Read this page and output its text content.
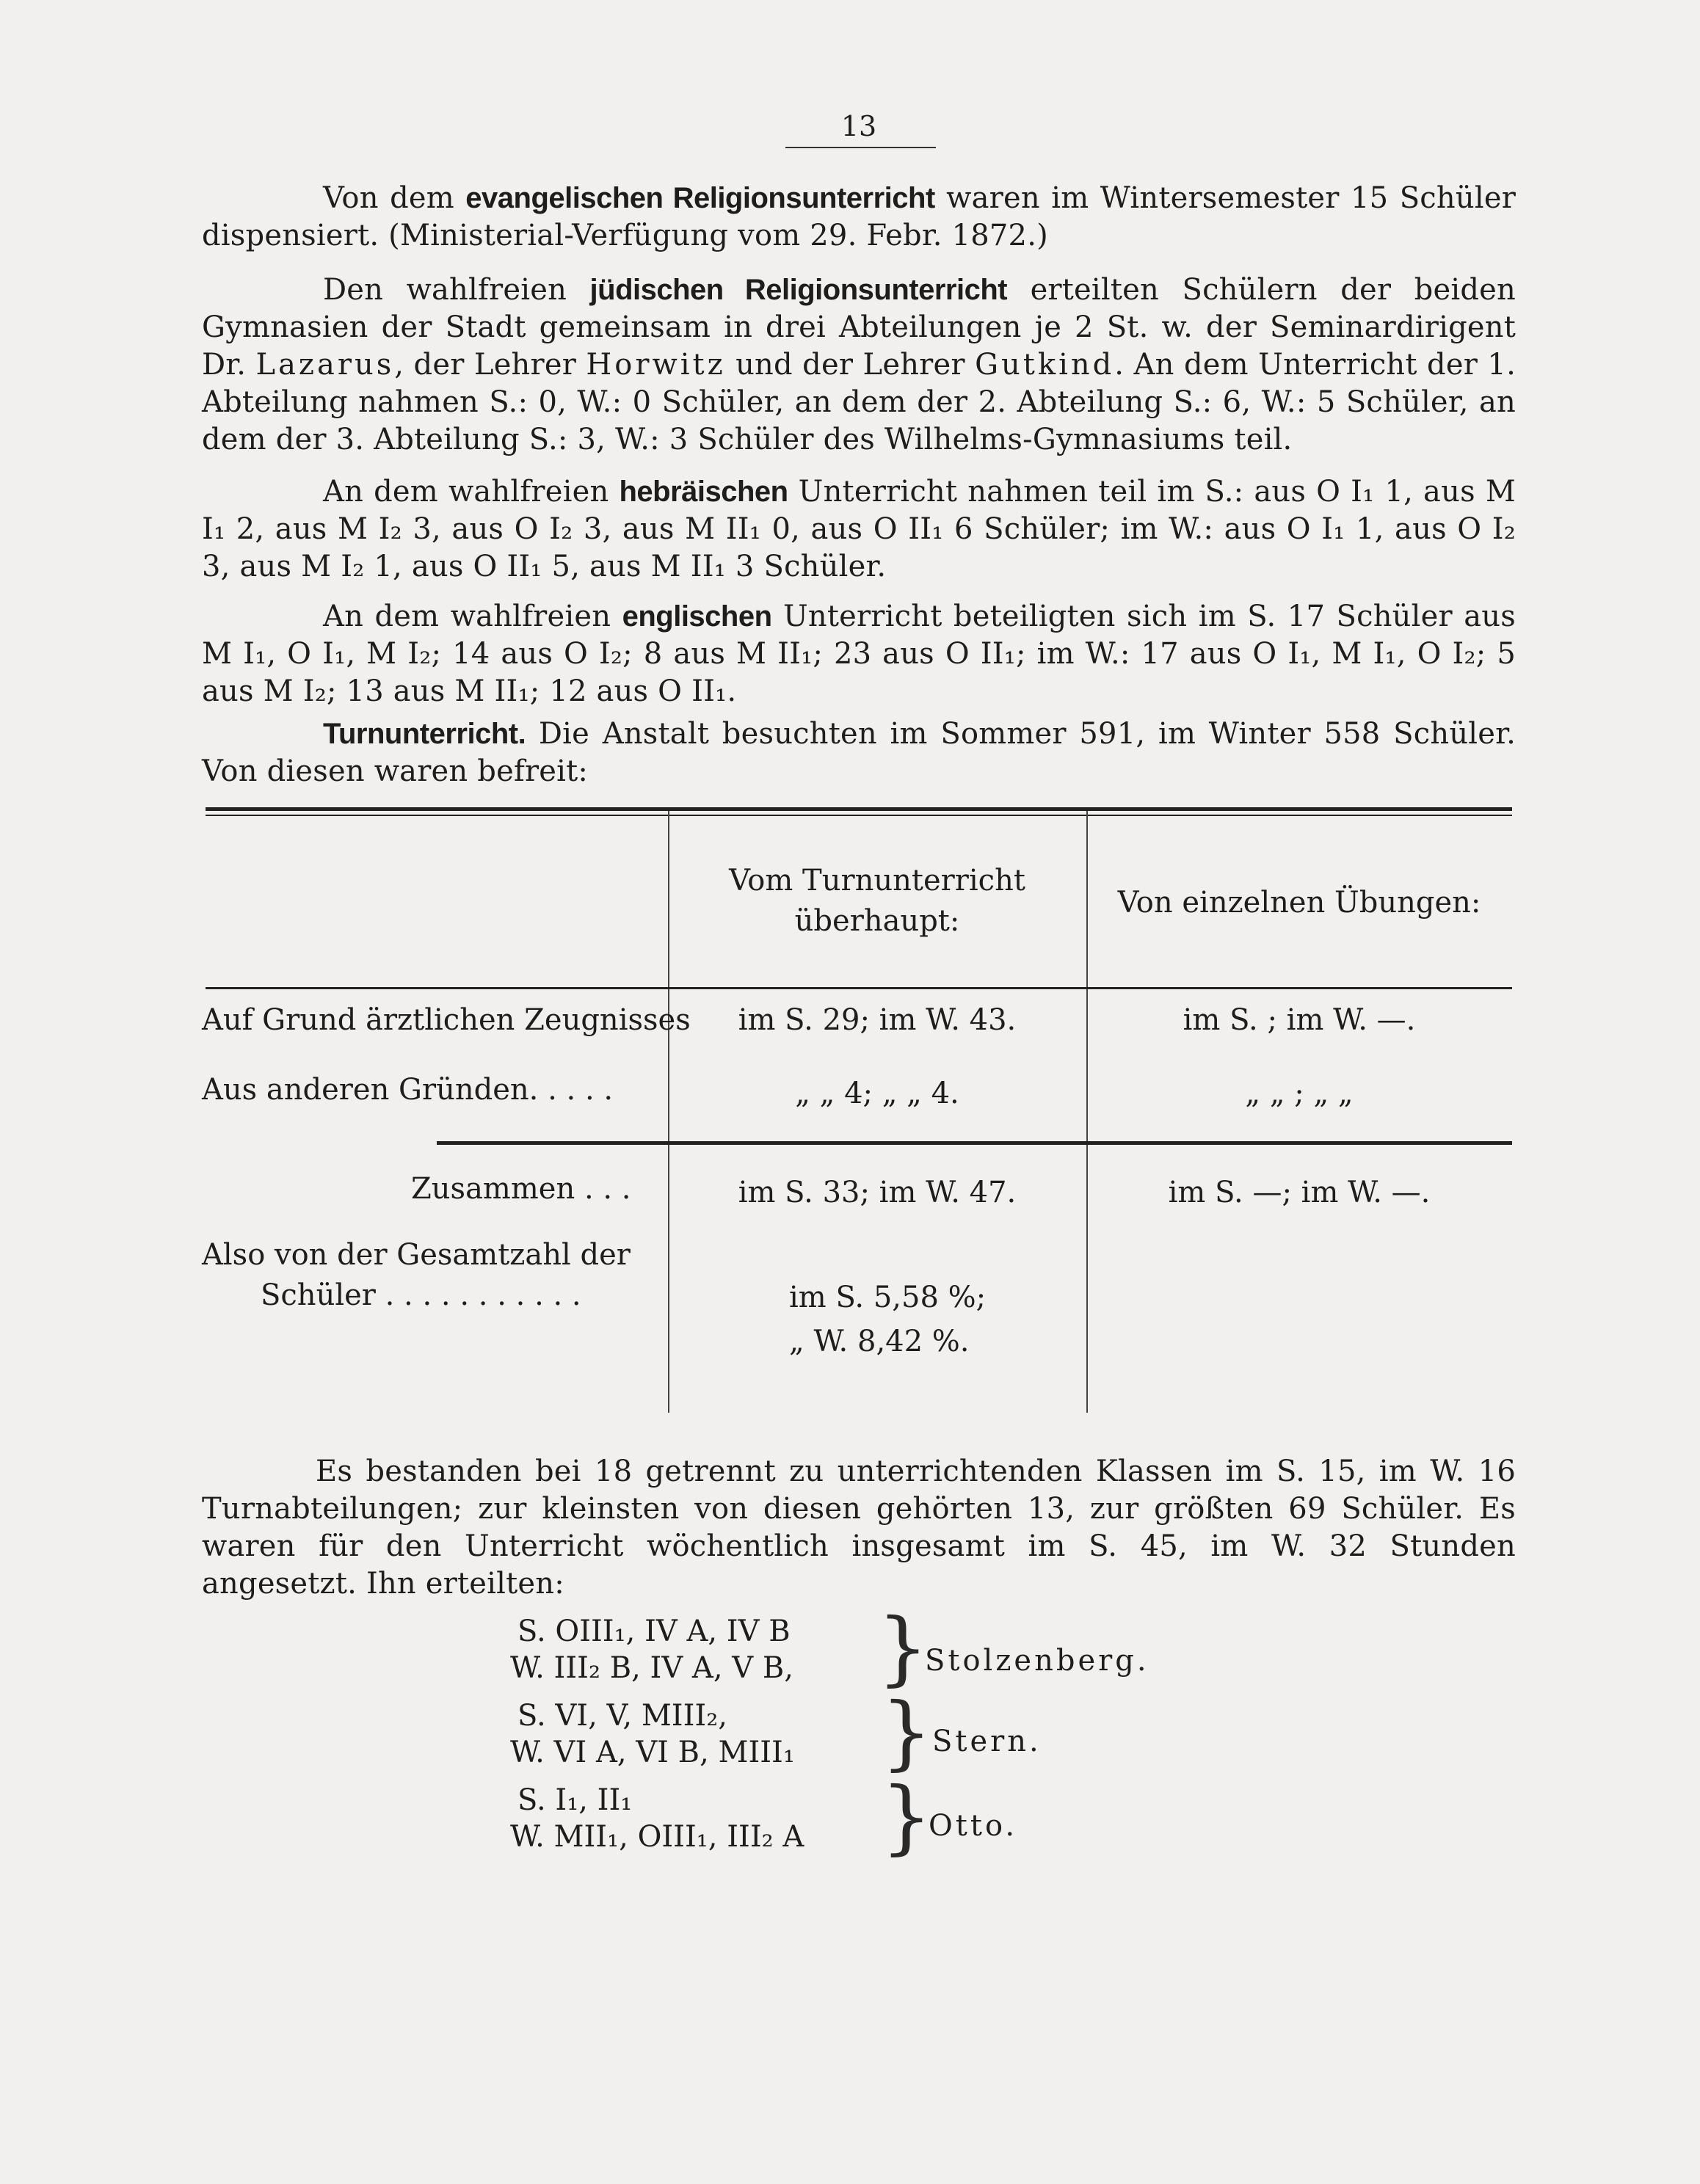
13
Von dem evangelischen Religionsunterricht waren im Wintersemester 15 Schüler dispensiert. (Ministerial-Verfügung vom 29. Febr. 1872.)
Den wahlfreien jüdischen Religionsunterricht erteilten Schülern der beiden Gymnasien der Stadt gemeinsam in drei Abteilungen je 2 St. w. der Seminardirigent Dr. Lazarus, der Lehrer Horwitz und der Lehrer Gutkind. An dem Unterricht der 1. Abteilung nahmen S.: 0, W.: 0 Schüler, an dem der 2. Abteilung S.: 6, W.: 5 Schüler, an dem der 3. Abteilung S.: 3, W.: 3 Schüler des Wilhelms-Gymnasiums teil.
An dem wahlfreien hebräischen Unterricht nahmen teil im S.: aus O I₁ 1, aus M I₁ 2, aus M I₂ 3, aus O I₂ 3, aus M II₁ 0, aus O II₁ 6 Schüler; im W.: aus O I₁ 1, aus O I₂ 3, aus M I₂ 1, aus O II₁ 5, aus M II₁ 3 Schüler.
An dem wahlfreien englischen Unterricht beteiligten sich im S. 17 Schüler aus M I₁, O I₁, M I₂; 14 aus O I₂; 8 aus M II₁; 23 aus O II₁; im W.: 17 aus O I₁, M I₁, O I₂; 5 aus M I₂; 13 aus M II₁; 12 aus O II₁.
Turnunterricht. Die Anstalt besuchten im Sommer 591, im Winter 558 Schüler. Von diesen waren befreit:
Vom Turnunterricht
überhaupt:
Von einzelnen Übungen:
Auf Grund ärztlichen Zeugnisses	im S. 29; im W. 43.	im S. ; im W. —.
Aus anderen Gründen. . . . .	„ „ 4; „ „ 4.	„ „ ; „ „
Zusammen . . .	im S. 33; im W. 47.	im S. —; im W. —.
Also von der Gesamtzahl der
Schüler . . . . . . . . . . .	im S. 5,58 %;
„ W. 8,42 %.
Es bestanden bei 18 getrennt zu unterrichtenden Klassen im S. 15, im W. 16 Turnabteilungen; zur kleinsten von diesen gehörten 13, zur größten 69 Schüler. Es waren für den Unterricht wöchentlich insgesamt im S. 45, im W. 32 Stunden angesetzt. Ihn erteilten:
S. OIII₁, IV A, IV B
W. III₂ B, IV A, V B, }
Stolzenberg.
S. VI, V, MIII₂,
W. VI A, VI B, MIII₁ } Stern.
S. I₁, II₁
W. MII₁, OIII₁, III₂ A }
Otto.
